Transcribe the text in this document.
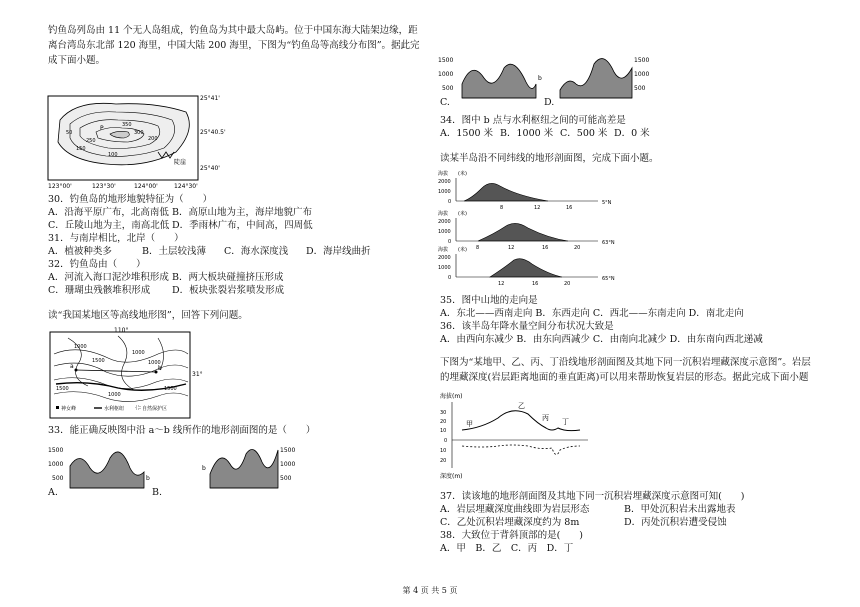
钓鱼岛列岛由 11 个无人岛组成，钓鱼岛为其中最大岛屿。位于中国东海大陆架边缘，距离台湾岛东北部 120 海里，中国大陆 200 海里，下图为“钓鱼岛等高线分布图”。据此完成下面小题。
P	350
300
250	200
150
100
50
陡崖
25°41'
25°40.5'
25°40'
123°00'	123°30'	124°00'	124°30'
30．钓鱼岛的地形地貌特征为（　　）
A．沿海平原广布，北高南低 B．高原山地为主，海岸地貌广布
C．丘陵山地为主，南高北低 D．季雨林广布，中间高，四周低
31．与南岸相比，北岸（　　）
A．植被种类多	B．土层较浅薄 C．海水深度浅 D．海岸线曲折
32．钓鱼岛由（　　）
A．河流入海口泥沙堆积形成 B．两大板块碰撞挤压形成
C．珊瑚虫残骸堆积形成 D．板块张裂岩浆喷发形成
读“我国某地区等高线地形图”，回答下列问题。
a	b
110°
31°
1000
1500
1000
1000
1500
1000
1500
神女峰	水利枢纽	自然保护区
33．能正确反映图中沿 a～b 线所作的地形剖面图的是（　　）
1500
1000
500	b
A.
b
1500
1000
500
B.
1500
1000
500
b
C.
1500
1000
500
D.
34．图中 b 点与水利枢纽之间的可能高差是
A．1500 米 B．1000 米 C．500 米 D．0 米
读某半岛沿不同纬线的地形剖面图，完成下面小题。
海拔 (米)
2000
1000
0
8	12	16
5°N
海拔 (米)
2000
1000
0
8	12	16	20
63°N
海拔 (米)
2000
1000
0
12	16	20
65°N
35．图中山地的走向是
A．东北——西南走向 B．东西走向 C．西北——东南走向 D．南北走向
36．该半岛年降水量空间分布状况大致是
A．由西向东减少 B．由东向西减少 C．由南向北减少 D．由东南向西北递减
下图为“某地甲、乙、丙、丁沿线地形剖面图及其地下同一沉积岩埋藏深度示意图”。岩层的埋藏深度(岩层距离地面的垂直距离)可以用来帮助恢复岩层的形态。据此完成下面小题
海拔(m)
30
20
10
0
10
20
深度(m)
甲
乙
丙 丁
37．读该地的地形剖面图及其地下同一沉积岩埋藏深度示意图可知(　　)
A．岩层埋藏深度曲线即为岩层形态	B．甲处沉积岩未出露地表
C．乙处沉积岩埋藏深度约为 8m	D．丙处沉积岩遭受侵蚀
38．大致位于背斜顶部的是(　　)
A．甲　B．乙　C．丙　D．丁
第 4 页 共 5 页
